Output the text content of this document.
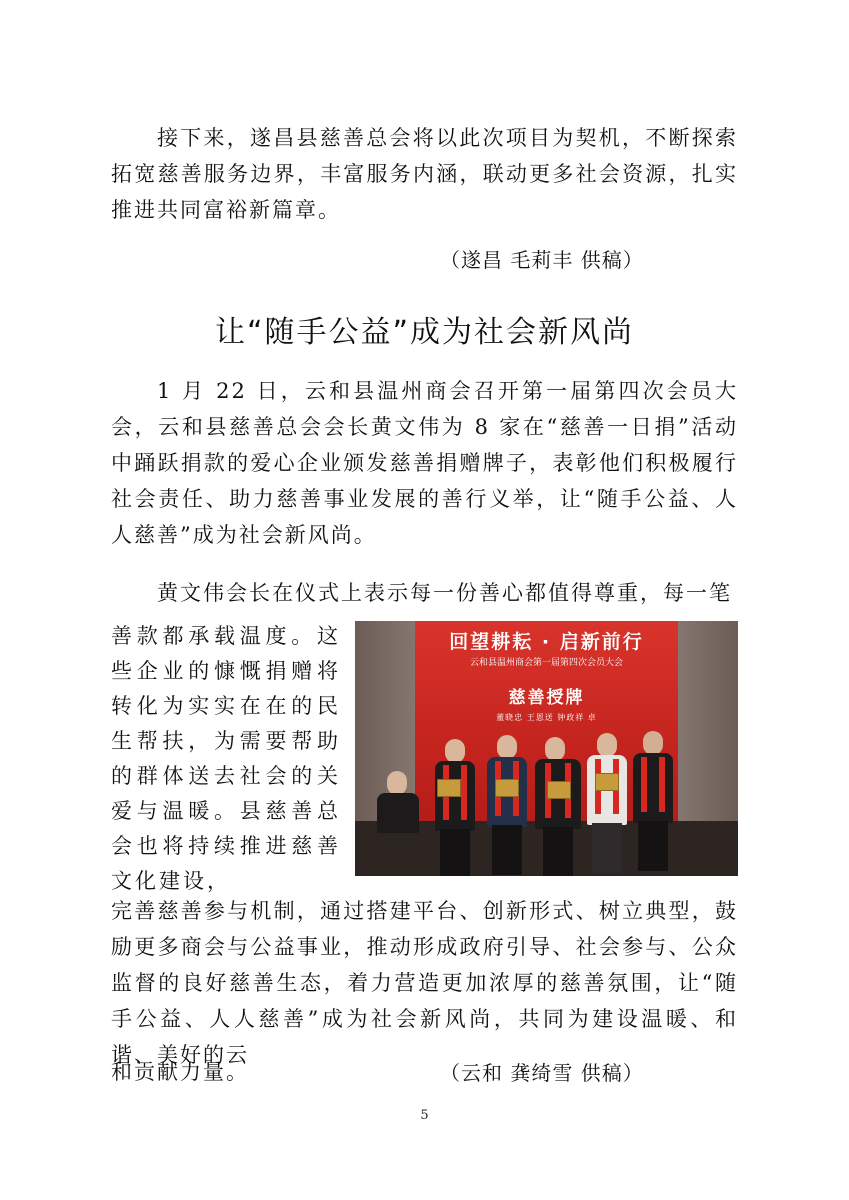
接下来，遂昌县慈善总会将以此次项目为契机，不断探索拓宽慈善服务边界，丰富服务内涵，联动更多社会资源，扎实推进共同富裕新篇章。

（遂昌 毛莉丰 供稿）
让“随手公益”成为社会新风尚

1 月 22 日，云和县温州商会召开第一届第四次会员大会，云和县慈善总会会长黄文伟为 8 家在“慈善一日捐”活动中踊跃捐款的爱心企业颁发慈善捐赠牌子，表彰他们积极履行社会责任、助力慈善事业发展的善行义举，让“随手公益、人人慈善”成为社会新风尚。

黄文伟会长在仪式上表示每一份善心都值得尊重，每一笔

善款都承载温度。这些企业的慷慨捐赠将转化为实实在在的民生帮扶，为需要帮助的群体送去社会的关爱与温暖。县慈善总会也将持续推进慈善文化建设，

回望耕耘 · 启新前行
云和县温州商会第一届第四次会员大会
慈善授牌
董晓忠 王恩送 钟政祥 卓

完善慈善参与机制，通过搭建平台、创新形式、树立典型，鼓励更多商会与公益事业，推动形成政府引导、社会参与、公众监督的良好慈善生态，着力营造更加浓厚的慈善氛围，让“随手公益、人人慈善”成为社会新风尚，共同为建设温暖、和谐、美好的云

和贡献力量。	（云和 龚绮雪 供稿）
5
